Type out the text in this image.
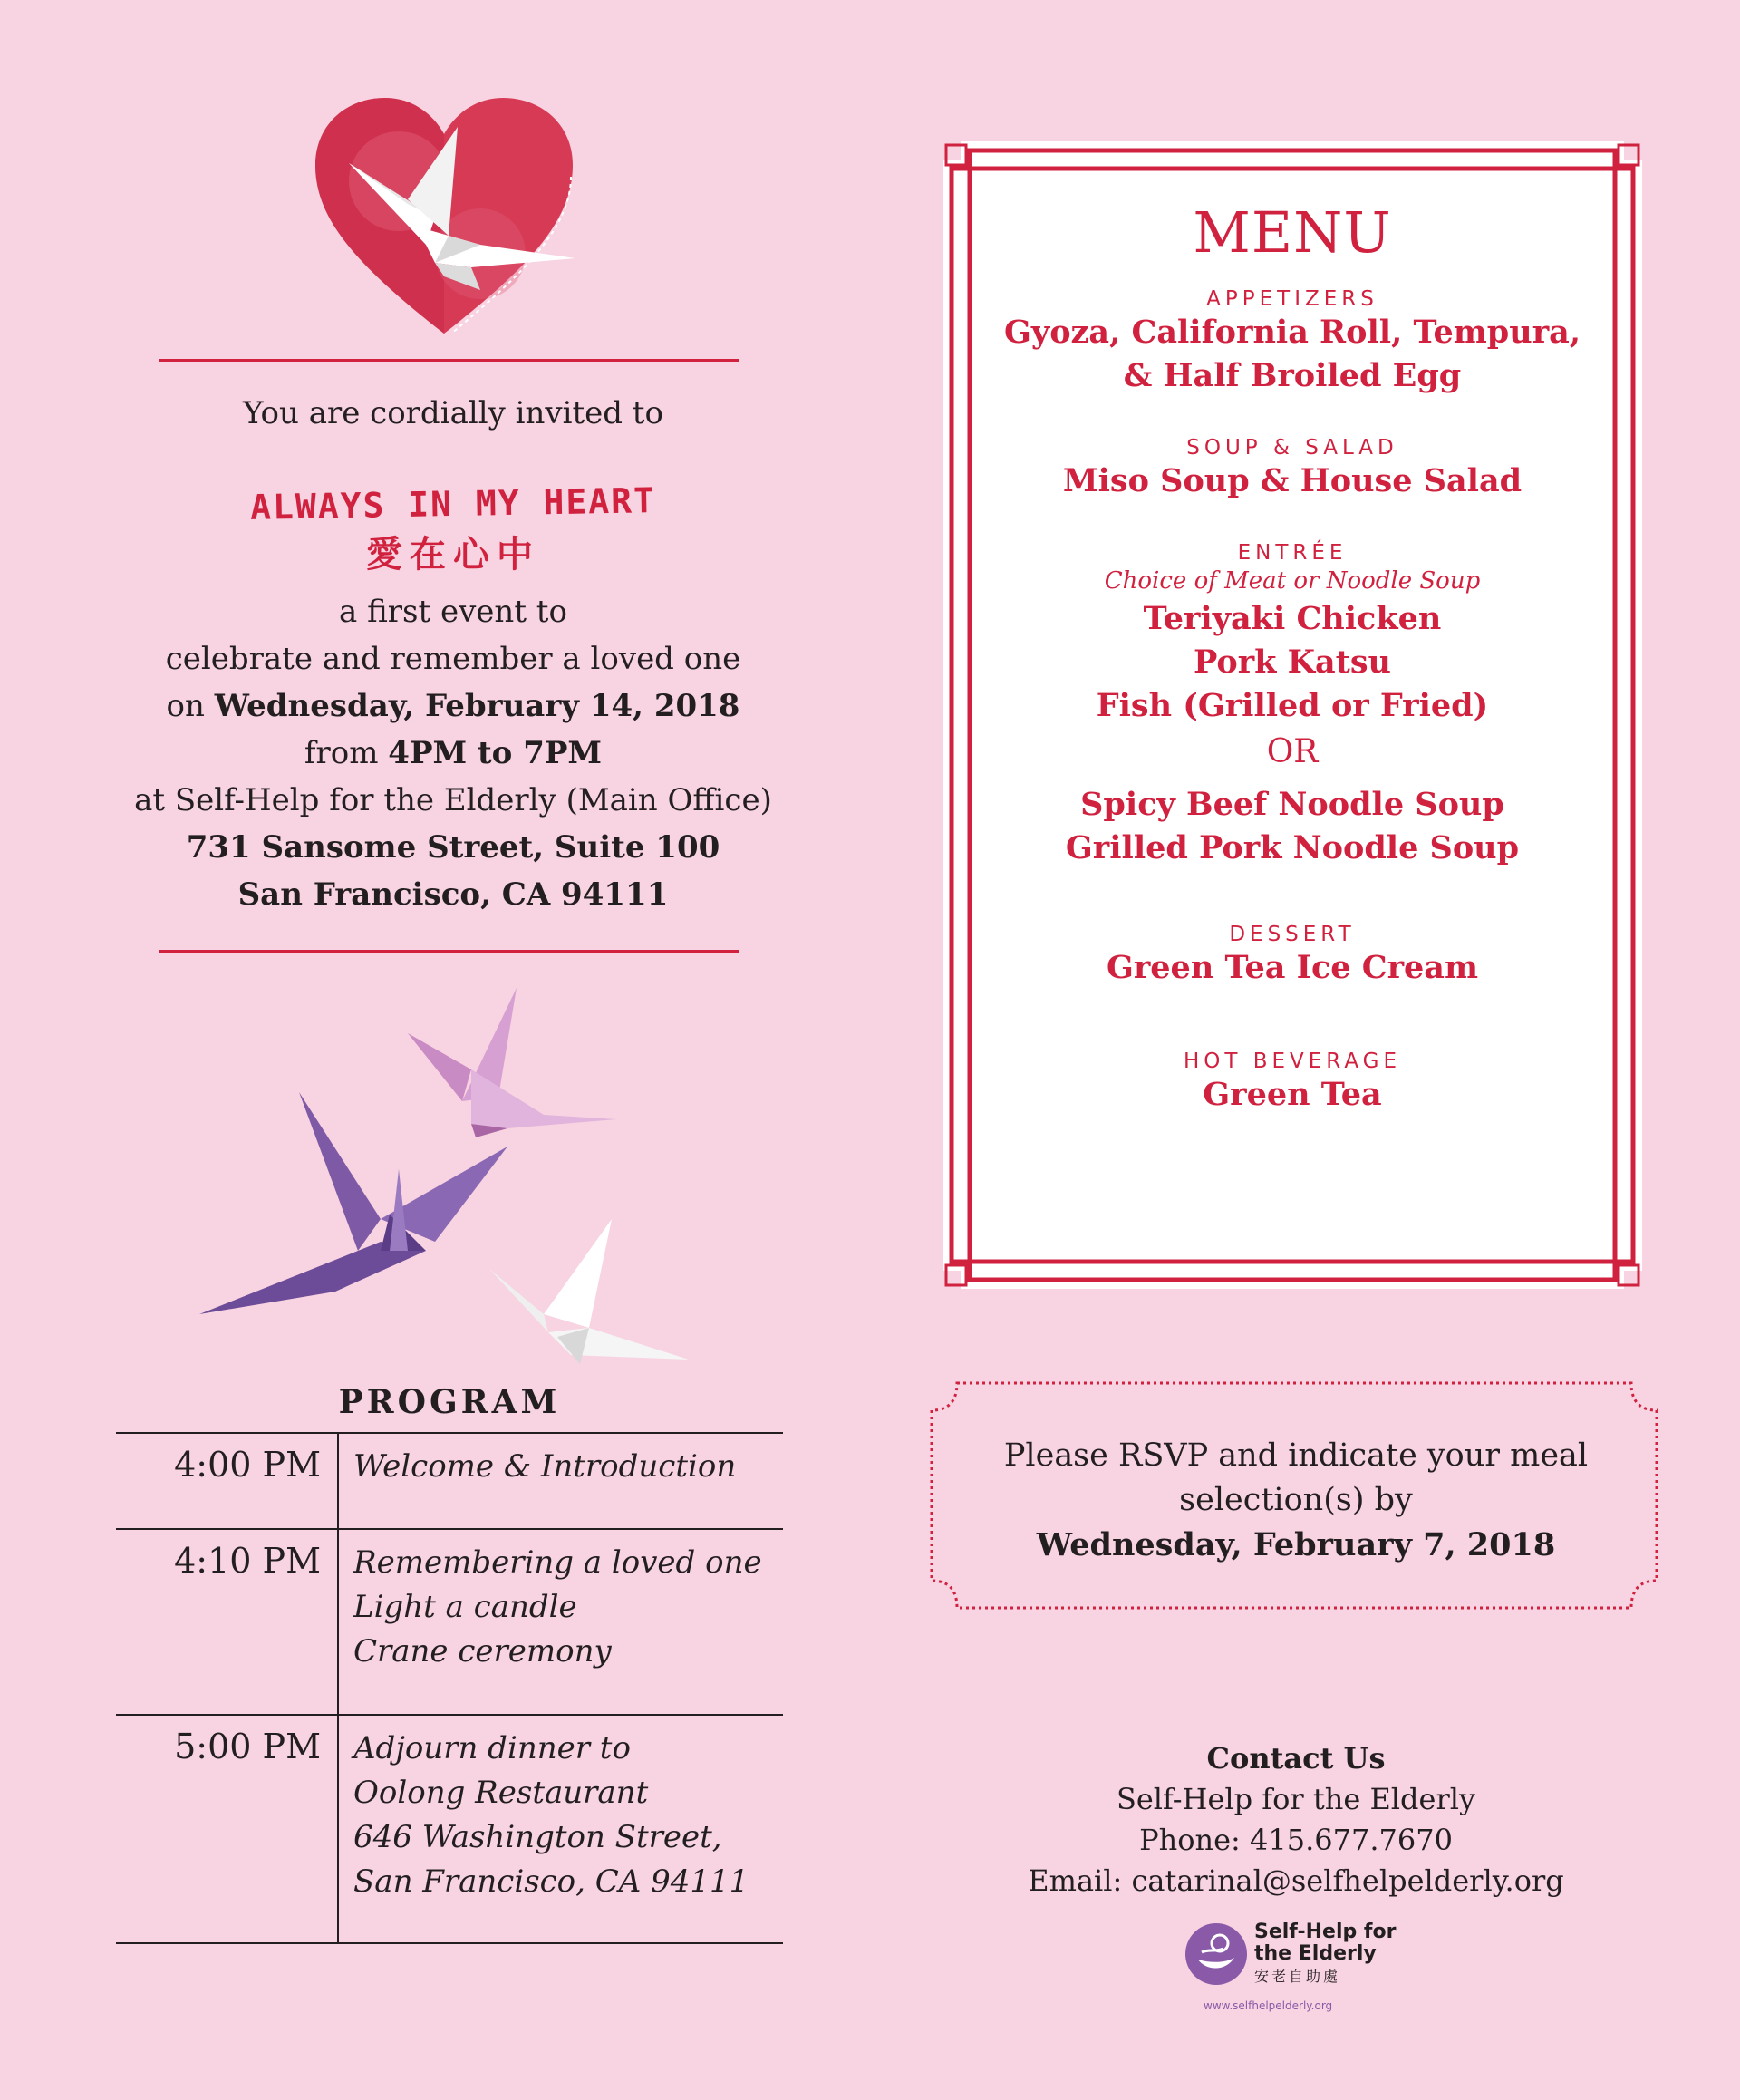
You are cordially invited to
ALWAYS IN MY HEART
愛在心中
a first event to
celebrate and remember a loved one
on Wednesday, February 14, 2018
from 4PM to 7PM
at Self-Help for the Elderly (Main Office)
731 Sansome Street, Suite 100
San Francisco, CA 94111
PROGRAM
4:00 PM	Welcome & Introduction
4:10 PM	Remembering a loved one
Light a candle
Crane ceremony
5:00 PM	Adjourn dinner to
Oolong Restaurant
646 Washington Street,
San Francisco, CA 94111
MENU
APPETIZERS
Gyoza, California Roll, Tempura,
& Half Broiled Egg
SOUP & SALAD
Miso Soup & House Salad
ENTRÉE
Choice of Meat or Noodle Soup
Teriyaki Chicken
Pork Katsu
Fish (Grilled or Fried)
OR
Spicy Beef Noodle Soup
Grilled Pork Noodle Soup
DESSERT
Green Tea Ice Cream
HOT BEVERAGE
Green Tea
Please RSVP and indicate your meal
selection(s) by
Wednesday, February 7, 2018
Contact Us
Self-Help for the Elderly
Phone: 415.677.7670
Email: catarinal@selfhelpelderly.org
Self-Help for
the Elderly
安老自助處
www.selfhelpelderly.org
